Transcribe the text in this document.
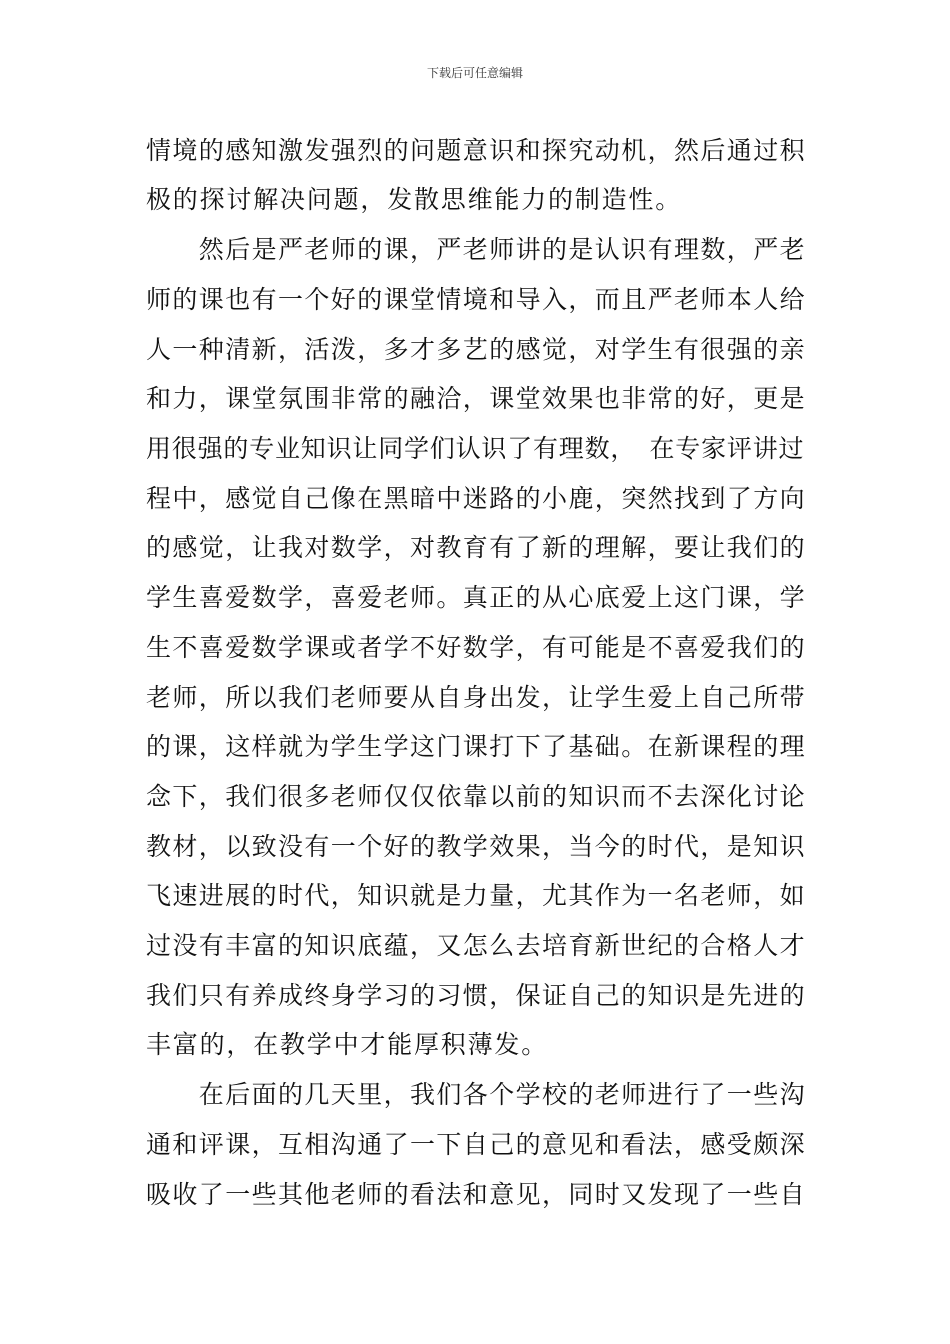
下载后可任意编辑
情境的感知激发强烈的问题意识和探究动机，然后通过积
极的探讨解决问题，发散思维能力的制造性。
　　然后是严老师的课，严老师讲的是认识有理数，严老
师的课也有一个好的课堂情境和导入，而且严老师本人给
人一种清新，活泼，多才多艺的感觉，对学生有很强的亲
和力，课堂氛围非常的融洽，课堂效果也非常的好，更是
用很强的专业知识让同学们认识了有理数，　在专家评讲过
程中，感觉自己像在黑暗中迷路的小鹿，突然找到了方向
的感觉，让我对数学，对教育有了新的理解，要让我们的
学生喜爱数学，喜爱老师。真正的从心底爱上这门课，学
生不喜爱数学课或者学不好数学，有可能是不喜爱我们的
老师，所以我们老师要从自身出发，让学生爱上自己所带
的课，这样就为学生学这门课打下了基础。在新课程的理
念下，我们很多老师仅仅依靠以前的知识而不去深化讨论
教材，以致没有一个好的教学效果，当今的时代，是知识
飞速进展的时代，知识就是力量，尤其作为一名老师，如
过没有丰富的知识底蕴，又怎么去培育新世纪的合格人才
我们只有养成终身学习的习惯，保证自己的知识是先进的
丰富的，在教学中才能厚积薄发。
　　在后面的几天里，我们各个学校的老师进行了一些沟
通和评课，互相沟通了一下自己的意见和看法，感受颇深
吸收了一些其他老师的看法和意见，同时又发现了一些自
